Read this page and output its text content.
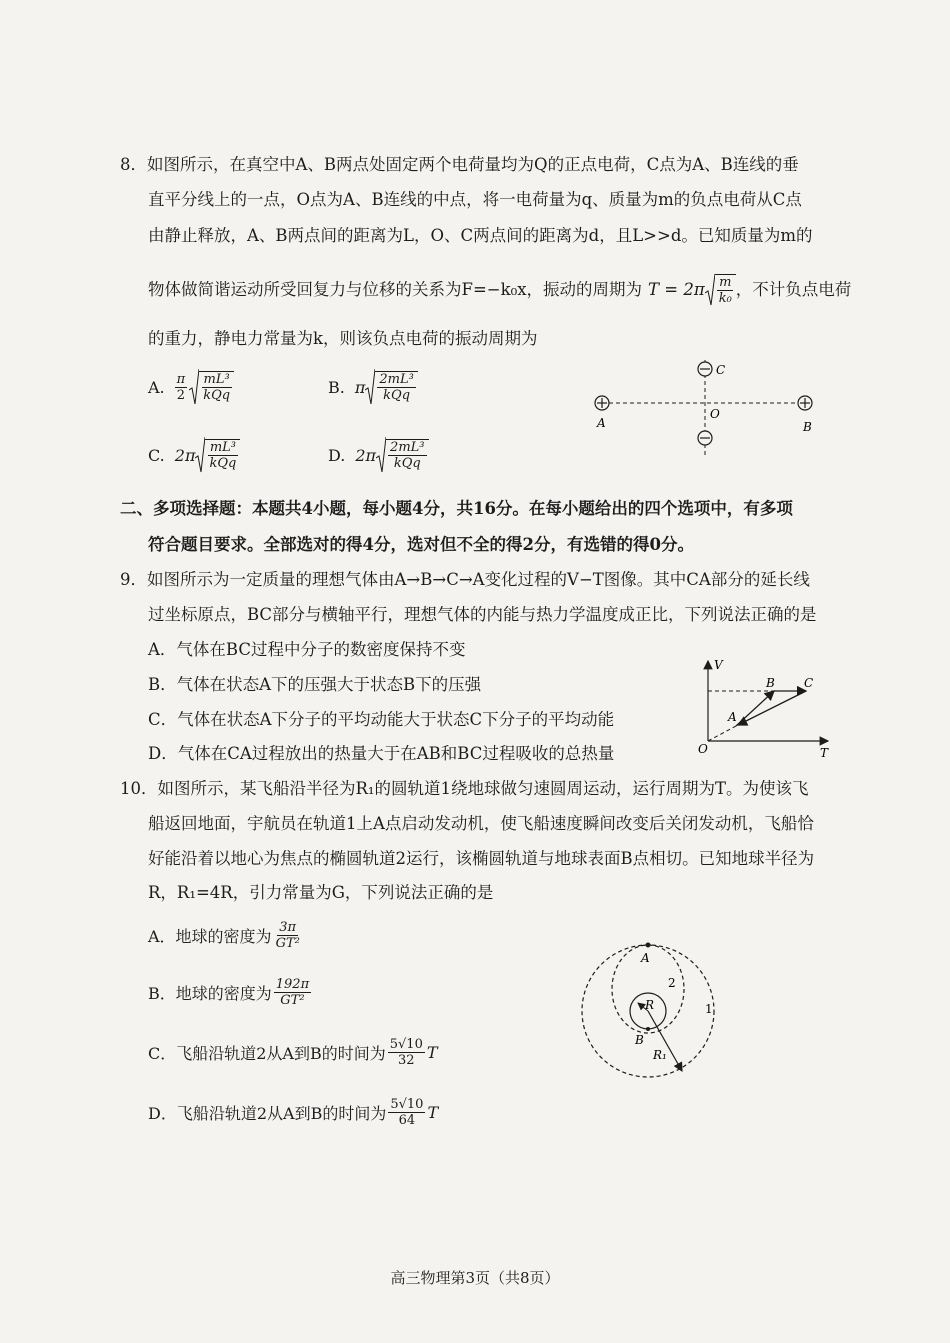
8．如图所示，在真空中A、B两点处固定两个电荷量均为Q的正点电荷，C点为A、B连线的垂
直平分线上的一点，O点为A、B连线的中点，将一电荷量为q、质量为m的负点电荷从C点
由静止释放，A、B两点间的距离为L，O、C两点间的距离为d，且L>>d。已知质量为m的
物体做简谐运动所受回复力与位移的关系为F=−k₀x，振动的周期为 $T = 2\pi \frac{m}{\text{k₀}}$ ，不计负点电荷
的重力，静电力常量为k，则该负点电荷的振动周期为
A. $\frac{\pi}{2} \frac{\text{mL³}}{\text{kQq}}$	B. π $\frac{\text{2mL³}}{\text{kQq}}$
C. $2\pi \frac{\text{mL³}}{\text{kQq}}$	D. $2\pi \frac{\text{2mL³}}{\text{kQq}}$
A	B
C
O
二、多项选择题：本题共4小题，每小题4分，共16分。在每小题给出的四个选项中，有多项
符合题目要求。全部选对的得4分，选对但不全的得2分，有选错的得0分。
9．如图所示为一定质量的理想气体由A→B→C→A变化过程的V−T图像。其中CA部分的延长线
过坐标原点，BC部分与横轴平行，理想气体的内能与热力学温度成正比，下列说法正确的是
A．气体在BC过程中分子的数密度保持不变
B．气体在状态A下的压强大于状态B下的压强
C．气体在状态A下分子的平均动能大于状态C下分子的平均动能
D．气体在CA过程放出的热量大于在AB和BC过程吸收的总热量
V
T
O
A
B C
10．如图所示，某飞船沿半径为R₁的圆轨道1绕地球做匀速圆周运动，运行周期为T。为使该飞
船返回地面，宇航员在轨道1上A点启动发动机，使飞船速度瞬间改变后关闭发动机，飞船恰
好能沿着以地心为焦点的椭圆轨道2运行，该椭圆轨道与地球表面B点相切。已知地球半径为
R，R₁=4R，引力常量为G，下列说法正确的是
A．地球的密度为 $\frac{3\pi}{\text{GT²}}$
B．地球的密度为 $\frac{192\pi}{\text{GT²}}$
C．飞船沿轨道2从A到B的时间为 $\frac{5√10}{32}$ T
D．飞船沿轨道2从A到B的时间为 $\frac{5√10}{64}$ T
A
B
R
R₁
1
2
高三物理第3页（共8页）
